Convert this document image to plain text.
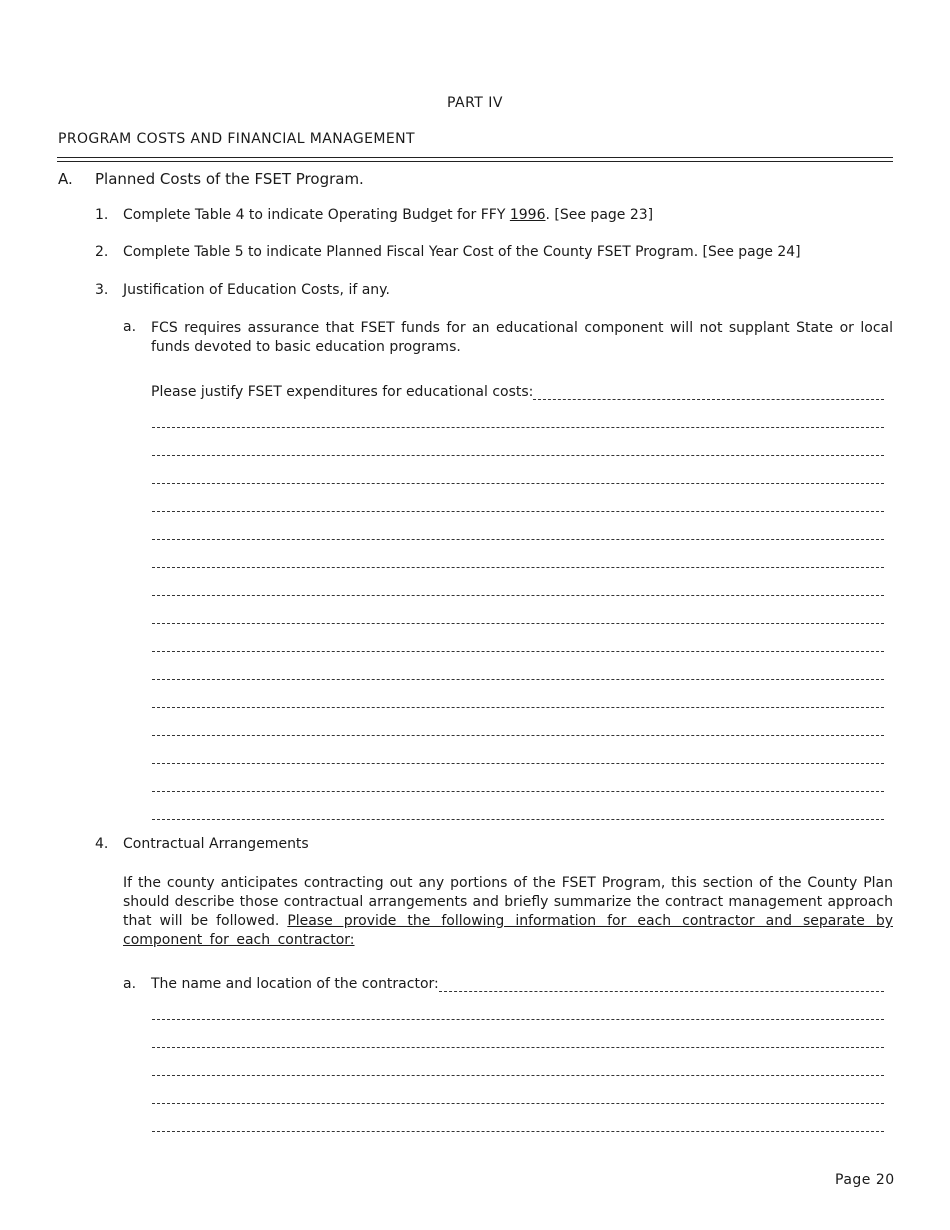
PART IV
PROGRAM COSTS AND FINANCIAL MANAGEMENT
A. Planned Costs of the FSET Program.
1. Complete Table 4 to indicate Operating Budget for FFY 1996. [See page 23]
2. Complete Table 5 to indicate Planned Fiscal Year Cost of the County FSET Program. [See page 24]
3. Justification of Education Costs, if any.
a. FCS requires assurance that FSET funds for an educational component will not supplant State or local funds devoted to basic education programs.
Please justify FSET expenditures for educational costs:
4. Contractual Arrangements
If the county anticipates contracting out any portions of the FSET Program, this section of the County Plan should describe those contractual arrangements and briefly summarize the contract management approach that will be followed. Please provide the following information for each contractor and separate by component for each contractor:
a. The name and location of the contractor:
Page 20
